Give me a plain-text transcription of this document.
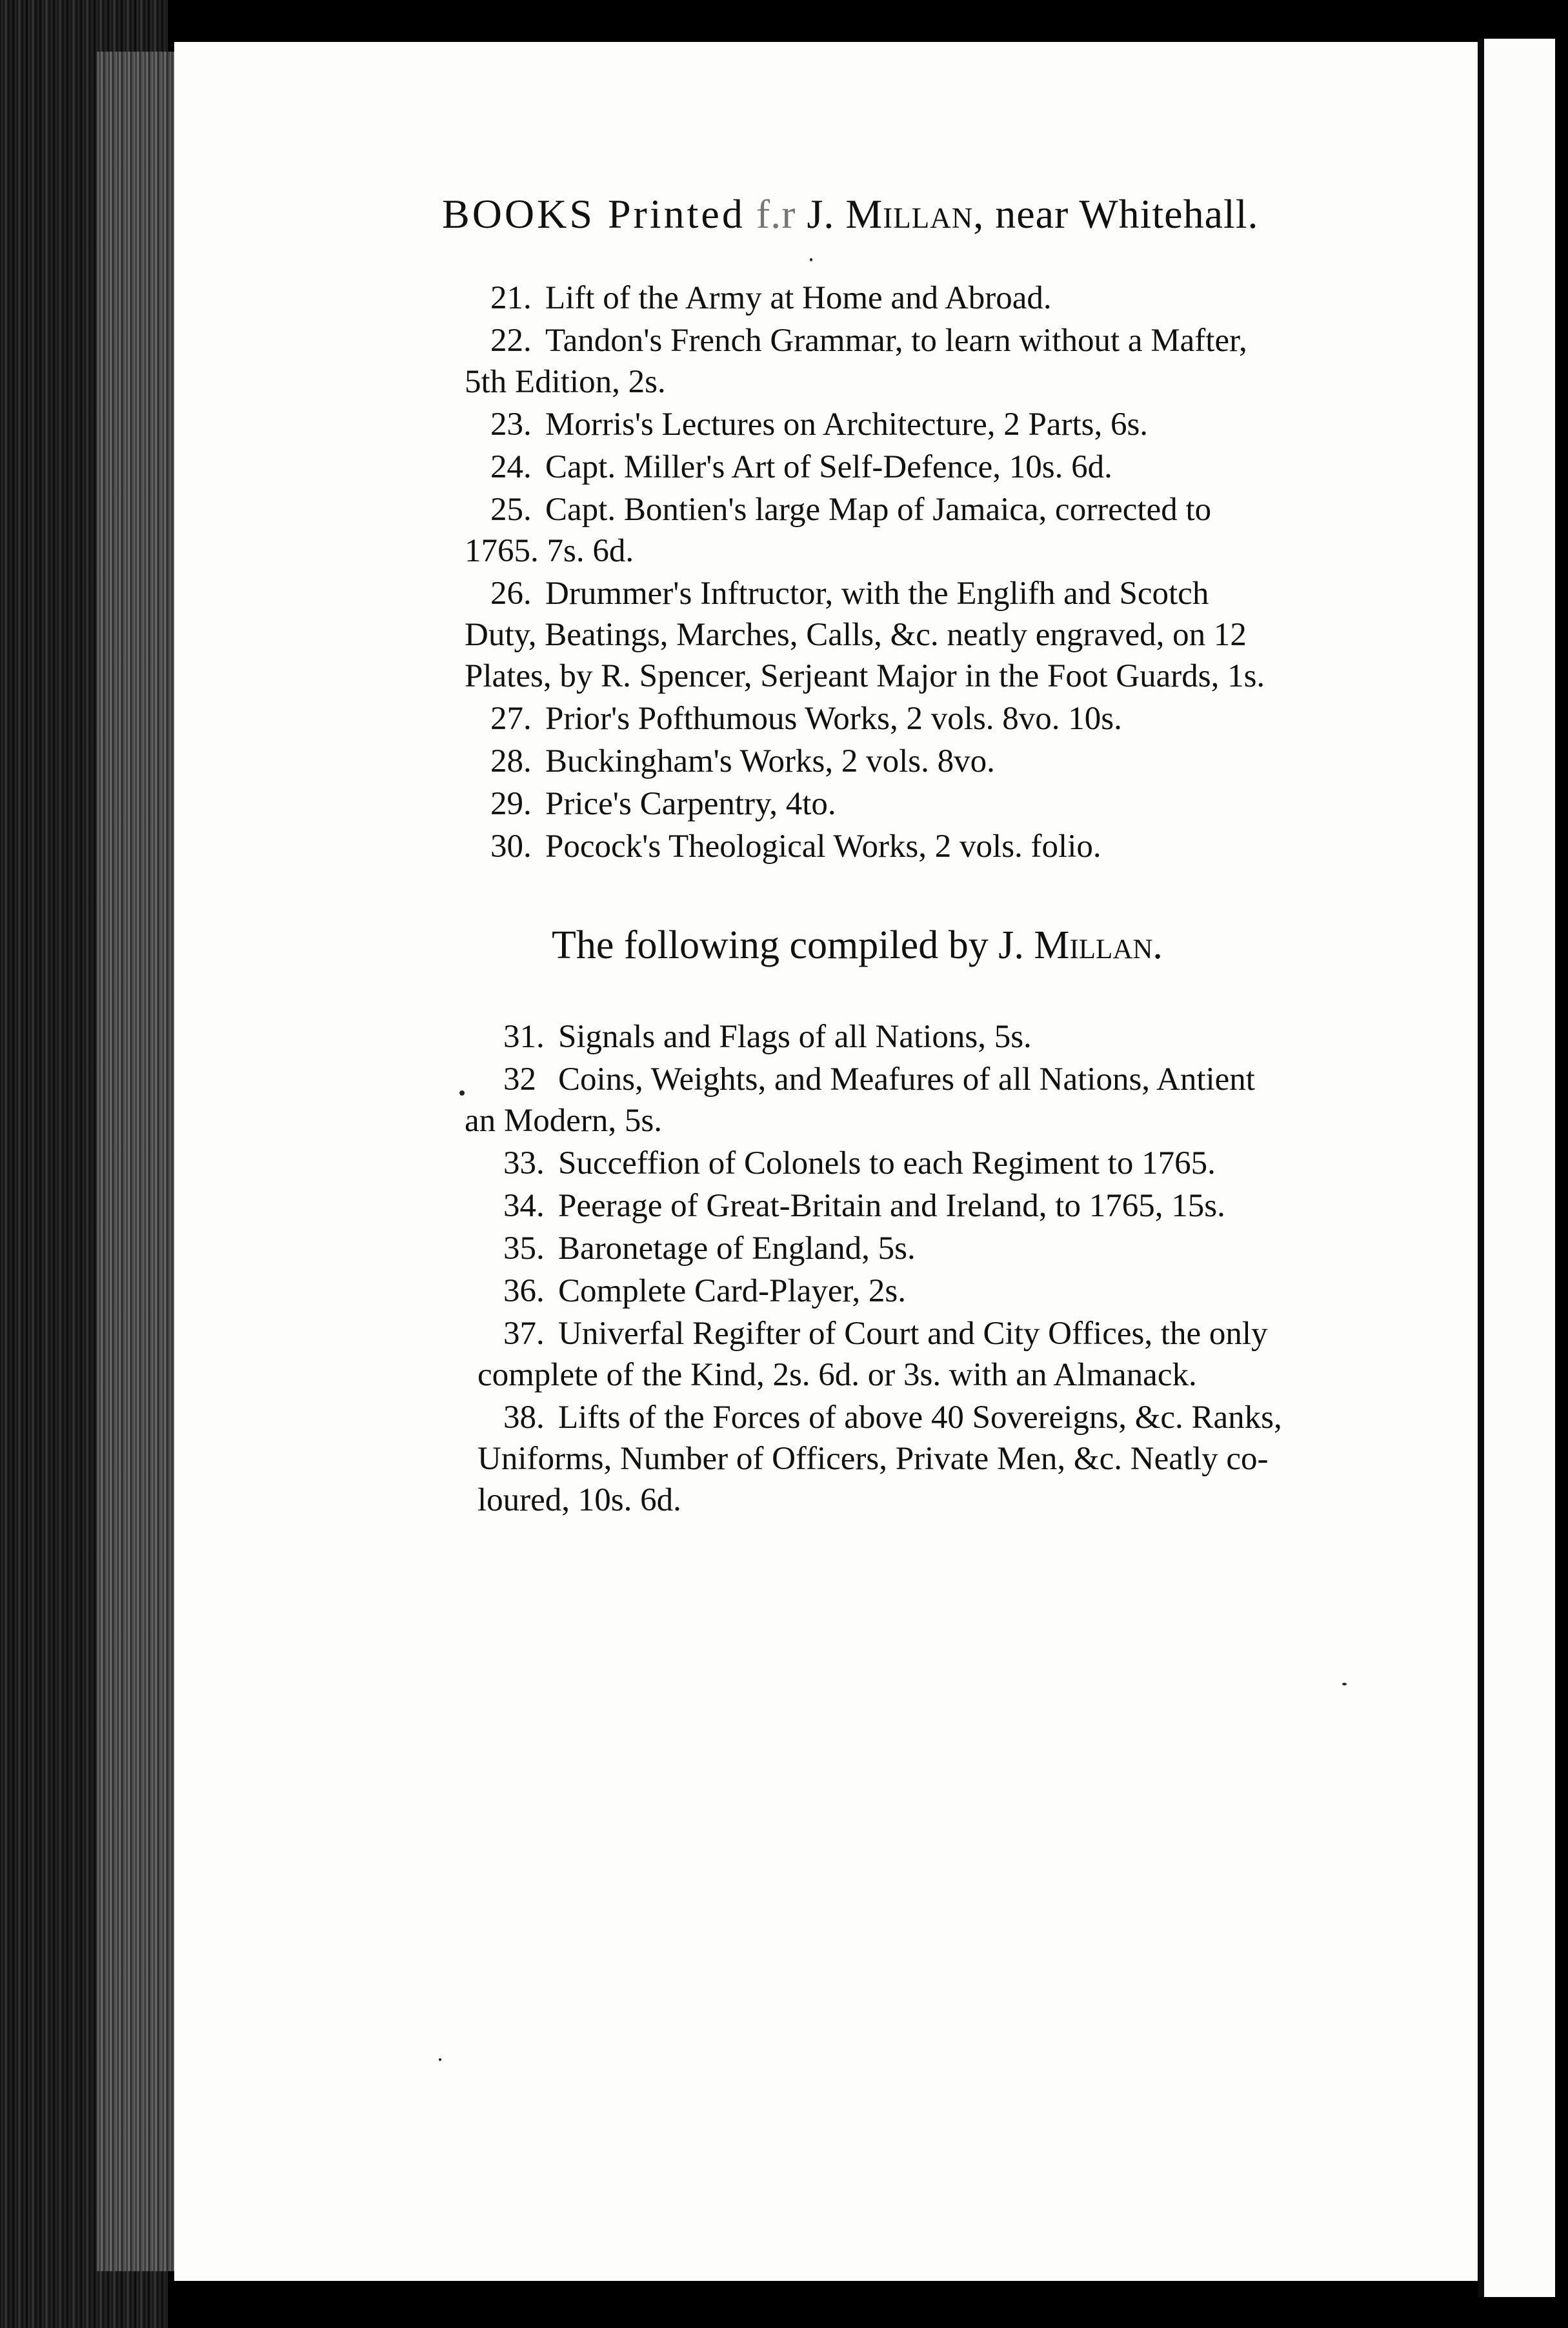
BOOKS Printed f.r J. Millan, near Whitehall.

21. Lift of the Army at Home and Abroad.

22. Tandon's French Grammar, to learn without a Mafter,

5th Edition, 2s.

23. Morris's Lectures on Architecture, 2 Parts, 6s.

24. Capt. Miller's Art of Self-Defence, 10s. 6d.

25. Capt. Bontien's large Map of Jamaica, corrected to

1765. 7s. 6d.

26. Drummer's Inftructor, with the Englifh and Scotch

Duty, Beatings, Marches, Calls, &c. neatly engraved, on 12

Plates, by R. Spencer, Serjeant Major in the Foot Guards, 1s.

27. Prior's Pofthumous Works, 2 vols. 8vo. 10s.

28. Buckingham's Works, 2 vols. 8vo.

29. Price's Carpentry, 4to.

30. Pocock's Theological Works, 2 vols. folio.

The following compiled by J. Millan.

31. Signals and Flags of all Nations, 5s.

32 Coins, Weights, and Meafures of all Nations, Antient

an Modern, 5s.

33. Succeffion of Colonels to each Regiment to 1765.

34. Peerage of Great-Britain and Ireland, to 1765, 15s.

35. Baronetage of England, 5s.

36. Complete Card-Player, 2s.

37. Univerfal Regifter of Court and City Offices, the only

complete of the Kind, 2s. 6d. or 3s. with an Almanack.

38. Lifts of the Forces of above 40 Sovereigns, &c. Ranks,

Uniforms, Number of Officers, Private Men, &c. Neatly co-

loured, 10s. 6d.
